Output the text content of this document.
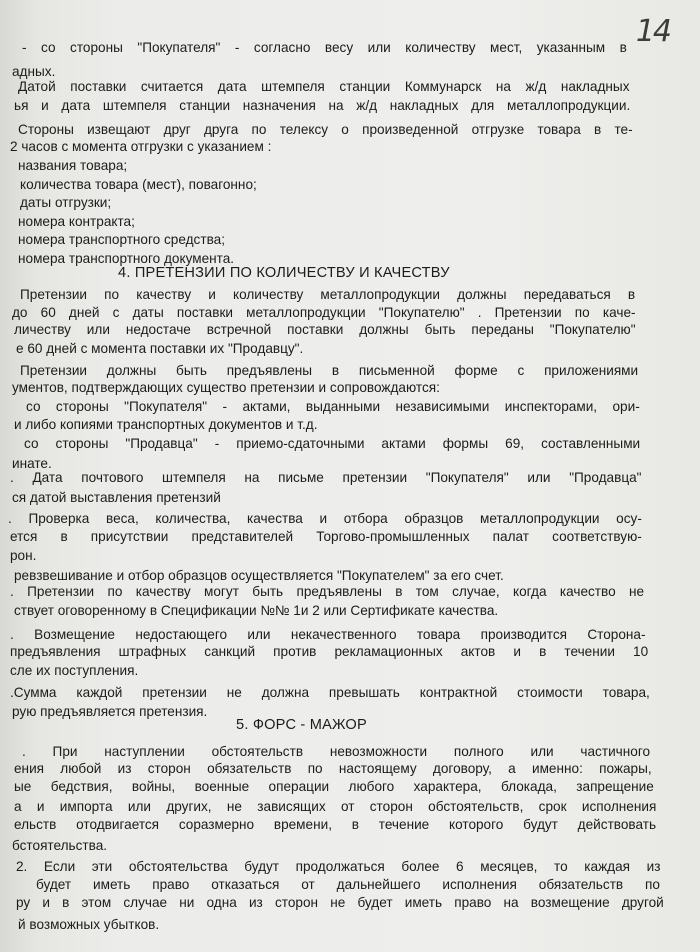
14
- со стороны "Покупателя" - согласно весу или количеству мест, указанным в
адных.
Датой поставки считается дата штемпеля станции Коммунарск на ж/д накладных
ья и дата штемпеля станции назначения на ж/д накладных для металлопродукции.
Стороны извещают друг друга по телексу о произведенной отгрузке товара в те-
2 часов с момента отгрузки с указанием :
названия товара;
количества товара (мест), повагонно;
даты отгрузки;
номера контракта;
номера транспортного средства;
номера транспортного документа.
4. ПРЕТЕНЗИИ ПО КОЛИЧЕСТВУ И КАЧЕСТВУ
Претензии по качеству и количеству металлопродукции должны передаваться в
до 60 дней с даты поставки металлопродукции "Покупателю" . Претензии по каче-
личеству или недостаче встречной поставки должны быть переданы "Покупателю"
е 60 дней с момента поставки их "Продавцу".
Претензии должны быть предъявлены в письменной форме с приложениями
ументов, подтверждающих существо претензии и сопровождаются:
со стороны "Покупателя" - актами, выданными независимыми инспекторами, ори-
и либо копиями транспортных документов и т.д.
со стороны "Продавца" - приемо-сдаточными актами формы 69, составленными
инате.
. Дата почтового штемпеля на письме претензии "Покупателя" или "Продавца"
ся датой выставления претензий
. Проверка веса, количества, качества и отбора образцов металлопродукции осу-
ется в присутствии представителей Торгово-промышленных палат соответствую-
рон.
ревзвешивание и отбор образцов осуществляется "Покупателем" за его счет.
. Претензии по качеству могут быть предъявлены в том случае, когда качество не
ствует оговоренному в Спецификации №№ 1и 2 или Сертификате качества.
. Возмещение недостающего или некачественного товара производится Сторона-
предъявления штрафных санкций против рекламационных актов и в течении 10
сле их поступления.
.Сумма каждой претензии не должна превышать контрактной стоимости товара,
рую предъявляется претензия.
5. ФОРС - МАЖОР
. При наступлении обстоятельств невозможности полного или частичного
ения любой из сторон обязательств по настоящему договору, а именно: пожары,
ые бедствия, войны, военные операции любого характера, блокада, запрещение
а и импорта или других, не зависящих от сторон обстоятельств, срок исполнения
ельств отодвигается соразмерно времени, в течение которого будут действовать
бстоятельства.
2. Если эти обстоятельства будут продолжаться более 6 месяцев, то каждая из
будет иметь право отказаться от дальнейшего исполнения обязательств по
ру и в этом случае ни одна из сторон не будет иметь право на возмещение другой
й возможных убытков.
